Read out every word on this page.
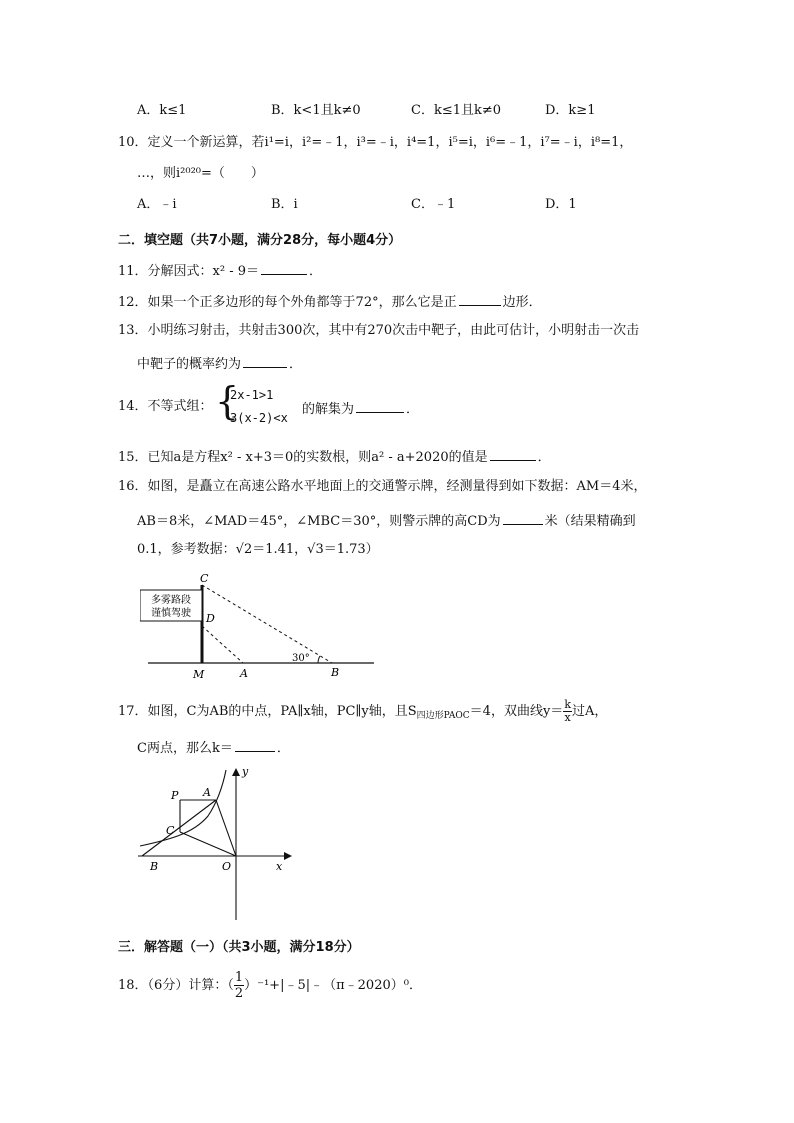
A．k≤1	B．k<1且k≠0	C．k≤1且k≠0	D．k≥1
10．定义一个新运算，若i¹=i，i²=﹣1，i³=﹣i，i⁴=1，i⁵=i，i⁶=﹣1，i⁷=﹣i，i⁸=1，
…，则i²⁰²⁰=（　　）
A．﹣i	B．i	C．﹣1	D．1
二．填空题（共7小题，满分28分，每小题4分）
11．分解因式：x² - 9＝	．
12．如果一个正多边形的每个外角都等于72°，那么它是正	边形．
13．小明练习射击，共射击300次，其中有270次击中靶子，由此可估计，小明射击一次击
中靶子的概率约为	．
14．不等式组： {
2x-1>1
3(x-2)<x
的解集为	．
15．已知a是方程x² - x+3＝0的实数根，则a² - a+2020的值是	．
16．如图，是矗立在高速公路水平地面上的交通警示牌，经测量得到如下数据：AM＝4米，
AB＝8米，∠MAD＝45°，∠MBC＝30°，则警示牌的高CD为	米（结果精确到
0.1，参考数据：√2＝1.41，√3＝1.73）
多雾路段
谨慎驾驶
30°
C
D
M	A	B
17．如图，C为AB的中点，PA∥x轴，PC∥y轴，且$S_{四边形PAOC}=4$，双曲线$y= \frac{k}{x}$ 过A，
C两点，那么k＝	．
y
x
P A
C
B	O
三．解答题（一）（共3小题，满分18分）
18．（6分）计算：（ $\frac{1}{2}$ ）⁻¹+|﹣5|﹣（π﹣2020）⁰．
